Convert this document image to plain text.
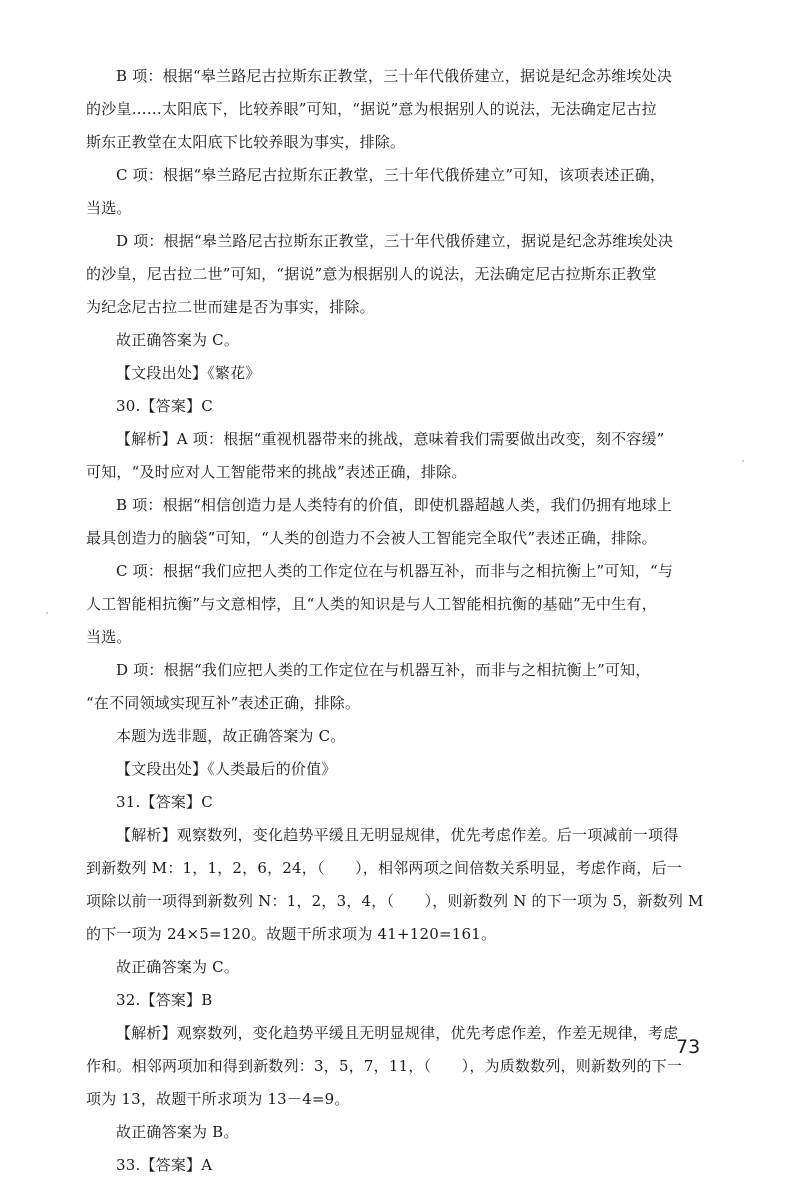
B 项：根据“皋兰路尼古拉斯东正教堂，三十年代俄侨建立，据说是纪念苏维埃处决
的沙皇……太阳底下，比较养眼”可知，“据说”意为根据别人的说法，无法确定尼古拉
斯东正教堂在太阳底下比较养眼为事实，排除。
C 项：根据“皋兰路尼古拉斯东正教堂，三十年代俄侨建立”可知，该项表述正确，
当选。
D 项：根据“皋兰路尼古拉斯东正教堂，三十年代俄侨建立，据说是纪念苏维埃处决
的沙皇，尼古拉二世”可知，“据说”意为根据别人的说法，无法确定尼古拉斯东正教堂
为纪念尼古拉二世而建是否为事实，排除。
故正确答案为 C。
【文段出处】《繁花》
30.【答案】C
【解析】A 项：根据“重视机器带来的挑战，意味着我们需要做出改变，刻不容缓”
可知，“及时应对人工智能带来的挑战”表述正确，排除。
B 项：根据“相信创造力是人类特有的价值，即使机器超越人类，我们仍拥有地球上
最具创造力的脑袋”可知，“人类的创造力不会被人工智能完全取代”表述正确，排除。
C 项：根据“我们应把人类的工作定位在与机器互补，而非与之相抗衡上”可知，“与
人工智能相抗衡”与文意相悖，且“人类的知识是与人工智能相抗衡的基础”无中生有，
当选。
D 项：根据“我们应把人类的工作定位在与机器互补，而非与之相抗衡上”可知，
“在不同领域实现互补”表述正确，排除。
本题为选非题，故正确答案为 C。
【文段出处】《人类最后的价值》
31.【答案】C
【解析】观察数列，变化趋势平缓且无明显规律，优先考虑作差。后一项减前一项得
到新数列 M：1，1，2，6，24，（　　），相邻两项之间倍数关系明显，考虑作商，后一
项除以前一项得到新数列 N：1，2，3，4，（　　），则新数列 N 的下一项为 5，新数列 M
的下一项为 24×5=120。故题干所求项为 41+120=161。
故正确答案为 C。
32.【答案】B
【解析】观察数列，变化趋势平缓且无明显规律，优先考虑作差，作差无规律，考虑
作和。相邻两项加和得到新数列：3，5，7，11，（　　），为质数数列，则新数列的下一
项为 13，故题干所求项为 13－4=9。
故正确答案为 B。
33.【答案】A
73
